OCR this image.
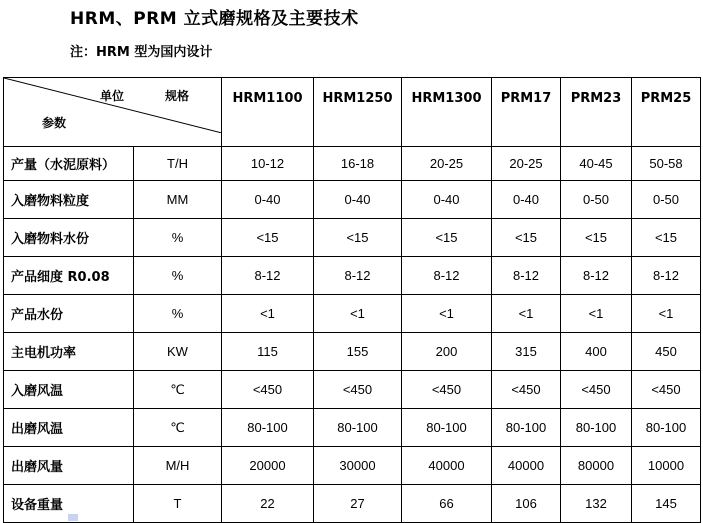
HRM、PRM 立式磨规格及主要技术
注：HRM 型为国内设计
单位 规格
参数		HRM1100	HRM1250	HRM1300	PRM17	PRM23	PRM25
产量（水泥原料）	T/H	10-12	16-18	20-25	20-25	40-45	50-58
入磨物料粒度	MM	0-40	0-40	0-40	0-40	0-50	0-50
入磨物料水份	%	<15	<15	<15	<15	<15	<15
产品细度 R0.08	%	8-12	8-12	8-12	8-12	8-12	8-12
产品水份	%	<1	<1	<1	<1	<1	<1
主电机功率	KW	115	155	200	315	400	450
入磨风温	℃	<450	<450	<450	<450	<450	<450
出磨风温	℃	80-100	80-100	80-100	80-100	80-100	80-100
出磨风量	M/H	20000	30000	40000	40000	80000	10000
设备重量	T	22	27	66	106	132	145
